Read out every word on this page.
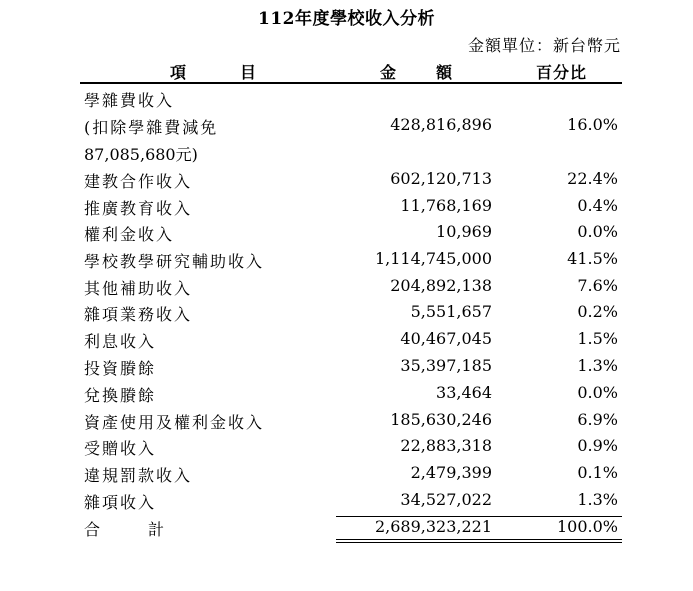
112年度學校收入分析
金額單位：新台幣元
項	目	金 額	百分比
學雜費收入
(扣除學雜費減免	428,816,896	16.0%
87,085,680元)
建教合作收入	602,120,713	22.4%
推廣教育收入	11,768,169	0.4%
權利金收入	10,969	0.0%
學校教學研究輔助收入	1,114,745,000	41.5%
其他補助收入	204,892,138	7.6%
雜項業務收入	5,551,657	0.2%
利息收入	40,467,045	1.5%
投資賸餘	35,397,185	1.3%
兌換賸餘	33,464	0.0%
資產使用及權利金收入	185,630,246	6.9%
受贈收入	22,883,318	0.9%
違規罰款收入	2,479,399	0.1%
雜項收入	34,527,022	1.3%
合	計	2,689,323,221	100.0%
